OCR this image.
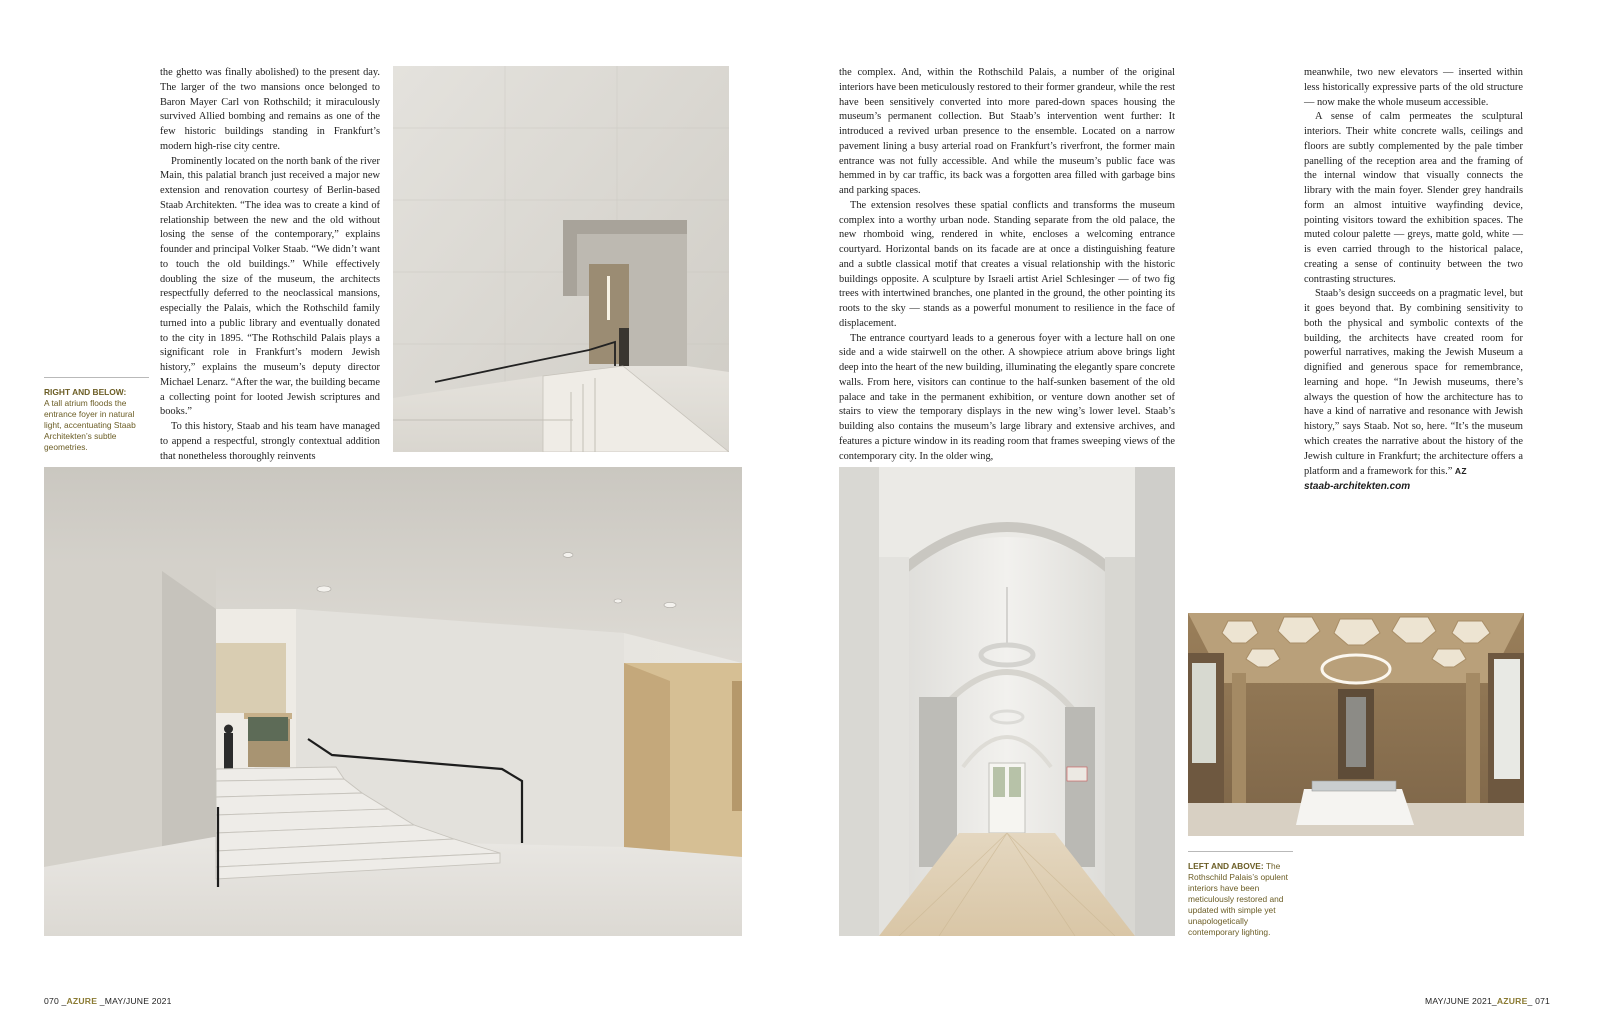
the ghetto was finally abolished) to the present day. The larger of the two mansions once belonged to Baron Mayer Carl von Rothschild; it miraculously survived Allied bombing and remains as one of the few historic buildings standing in Frankfurt’s modern high-rise city centre.

Prominently located on the north bank of the river Main, this palatial branch just received a major new extension and renovation courtesy of Berlin-based Staab Architekten. “The idea was to create a kind of relationship between the new and the old without losing the sense of the contemporary,” explains founder and principal Volker Staab. “We didn’t want to touch the old buildings.” While effectively doubling the size of the museum, the architects respectfully deferred to the neoclassical mansions, especially the Palais, which the Rothschild family turned into a public library and eventually donated to the city in 1895. “The Rothschild Palais plays a significant role in Frankfurt’s modern Jewish history,” explains the museum’s deputy director Michael Lenarz. “After the war, the building became a collecting point for looted Jewish scriptures and books.”

To this history, Staab and his team have managed to append a respectful, strongly contextual addition that nonetheless thoroughly reinvents

RIGHT AND BELOW:
A tall atrium floods the entrance foyer in natural light, accentuating Staab Architekten’s subtle geometries.
070 _AZURE _MAY/JUNE 2021

the complex. And, within the Rothschild Palais, a number of the original interiors have been meticulously restored to their former grandeur, while the rest have been sensitively converted into more pared-down spaces housing the museum’s permanent collection. But Staab’s intervention went further: It introduced a revived urban presence to the ensemble. Located on a narrow pavement lining a busy arterial road on Frankfurt’s riverfront, the former main entrance was not fully accessible. And while the museum’s public face was hemmed in by car traffic, its back was a forgotten area filled with garbage bins and parking spaces.

The extension resolves these spatial conflicts and transforms the museum complex into a worthy urban node. Standing separate from the old palace, the new rhomboid wing, rendered in white, encloses a welcoming entrance courtyard. Horizontal bands on its facade are at once a distinguishing feature and a subtle classical motif that creates a visual relationship with the historic buildings opposite. A sculpture by Israeli artist Ariel Schlesinger — of two fig trees with intertwined branches, one planted in the ground, the other pointing its roots to the sky — stands as a powerful monument to resilience in the face of displacement.

The entrance courtyard leads to a generous foyer with a lecture hall on one side and a wide stairwell on the other. A showpiece atrium above brings light deep into the heart of the new building, illuminating the elegantly spare concrete walls. From here, visitors can continue to the half-sunken basement of the old palace and take in the permanent exhibition, or venture down another set of stairs to view the temporary displays in the new wing’s lower level. Staab’s building also contains the museum’s large library and extensive archives, and features a picture window in its reading room that frames sweeping views of the contemporary city. In the older wing,

meanwhile, two new elevators — inserted within less historically expressive parts of the old structure — now make the whole museum accessible.

A sense of calm permeates the sculptural interiors. Their white concrete walls, ceilings and floors are subtly complemented by the pale timber panelling of the reception area and the framing of the internal window that visually connects the library with the main foyer. Slender grey handrails form an almost intuitive wayfinding device, pointing visitors toward the exhibition spaces. The muted colour palette — greys, matte gold, white — is even carried through to the historical palace, creating a sense of continuity between the two contrasting structures.

Staab’s design succeeds on a pragmatic level, but it goes beyond that. By combining sensitivity to both the physical and symbolic contexts of the building, the architects have created room for powerful narratives, making the Jewish Museum a dignified and generous space for remembrance, learning and hope. “In Jewish museums, there’s always the question of how the architecture has to have a kind of narrative and resonance with Jewish history,” says Staab. Not so, here. “It’s the museum which creates the narrative about the history of the Jewish culture in Frankfurt; the architecture offers a platform and a framework for this.” AZ

staab-architekten.com
LEFT AND ABOVE: The Rothschild Palais’s opulent interiors have been meticulously restored and updated with simple yet unapologetically contemporary lighting.
MAY/JUNE 2021_AZURE_ 071
